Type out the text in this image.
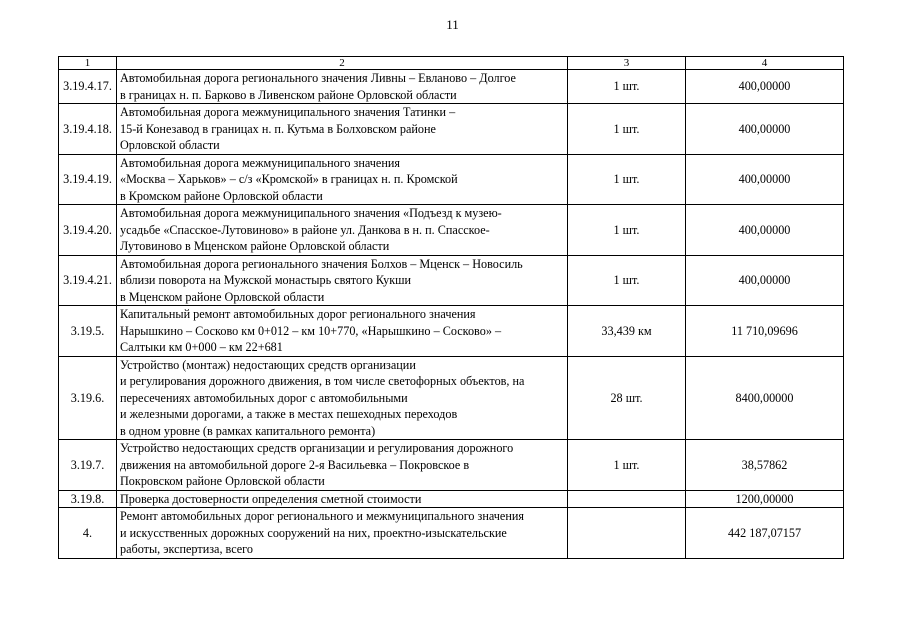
11
1	2	3	4
3.19.4.17.	Автомобильная дорога регионального значения Ливны – Евланово – Долгое
в границах н. п. Барково в Ливенском районе Орловской области	1 шт.	400,00000
3.19.4.18.	Автомобильная дорога межмуниципального значения Татинки –
15-й Конезавод в границах н. п. Кутьма в Болховском районе
Орловской области	1 шт.	400,00000
3.19.4.19.	Автомобильная дорога межмуниципального значения
«Москва – Харьков» – с/з «Кромской» в границах н. п. Кромской
в Кромском районе Орловской области	1 шт.	400,00000
3.19.4.20.	Автомобильная дорога межмуниципального значения «Подъезд к музею-
усадьбе «Спасское-Лутовиново» в районе ул. Данкова в н. п. Спасское-
Лутовиново в Мценском районе Орловской области	1 шт.	400,00000
3.19.4.21.	Автомобильная дорога регионального значения Болхов – Мценск – Новосиль
вблизи поворота на Мужской монастырь святого Кукши
в Мценском районе Орловской области	1 шт.	400,00000
3.19.5.	Капитальный ремонт автомобильных дорог регионального значения
Нарышкино – Сосково км 0+012 – км 10+770, «Нарышкино – Сосково» –
Салтыки км 0+000 – км 22+681	33,439 км	11 710,09696
3.19.6.	Устройство (монтаж) недостающих средств организации
и регулирования дорожного движения, в том числе светофорных объектов, на
пересечениях автомобильных дорог с автомобильными
и железными дорогами, а также в местах пешеходных переходов
в одном уровне (в рамках капитального ремонта)	28 шт.	8400,00000
3.19.7.	Устройство недостающих средств организации и регулирования дорожного
движения на автомобильной дороге 2-я Васильевка – Покровское в
Покровском районе Орловской области	1 шт.	38,57862
3.19.8.	Проверка достоверности определения сметной стоимости		1200,00000
4.	Ремонт автомобильных дорог регионального и межмуниципального значения
и искусственных дорожных сооружений на них, проектно-изыскательские
работы, экспертиза, всего		442 187,07157
